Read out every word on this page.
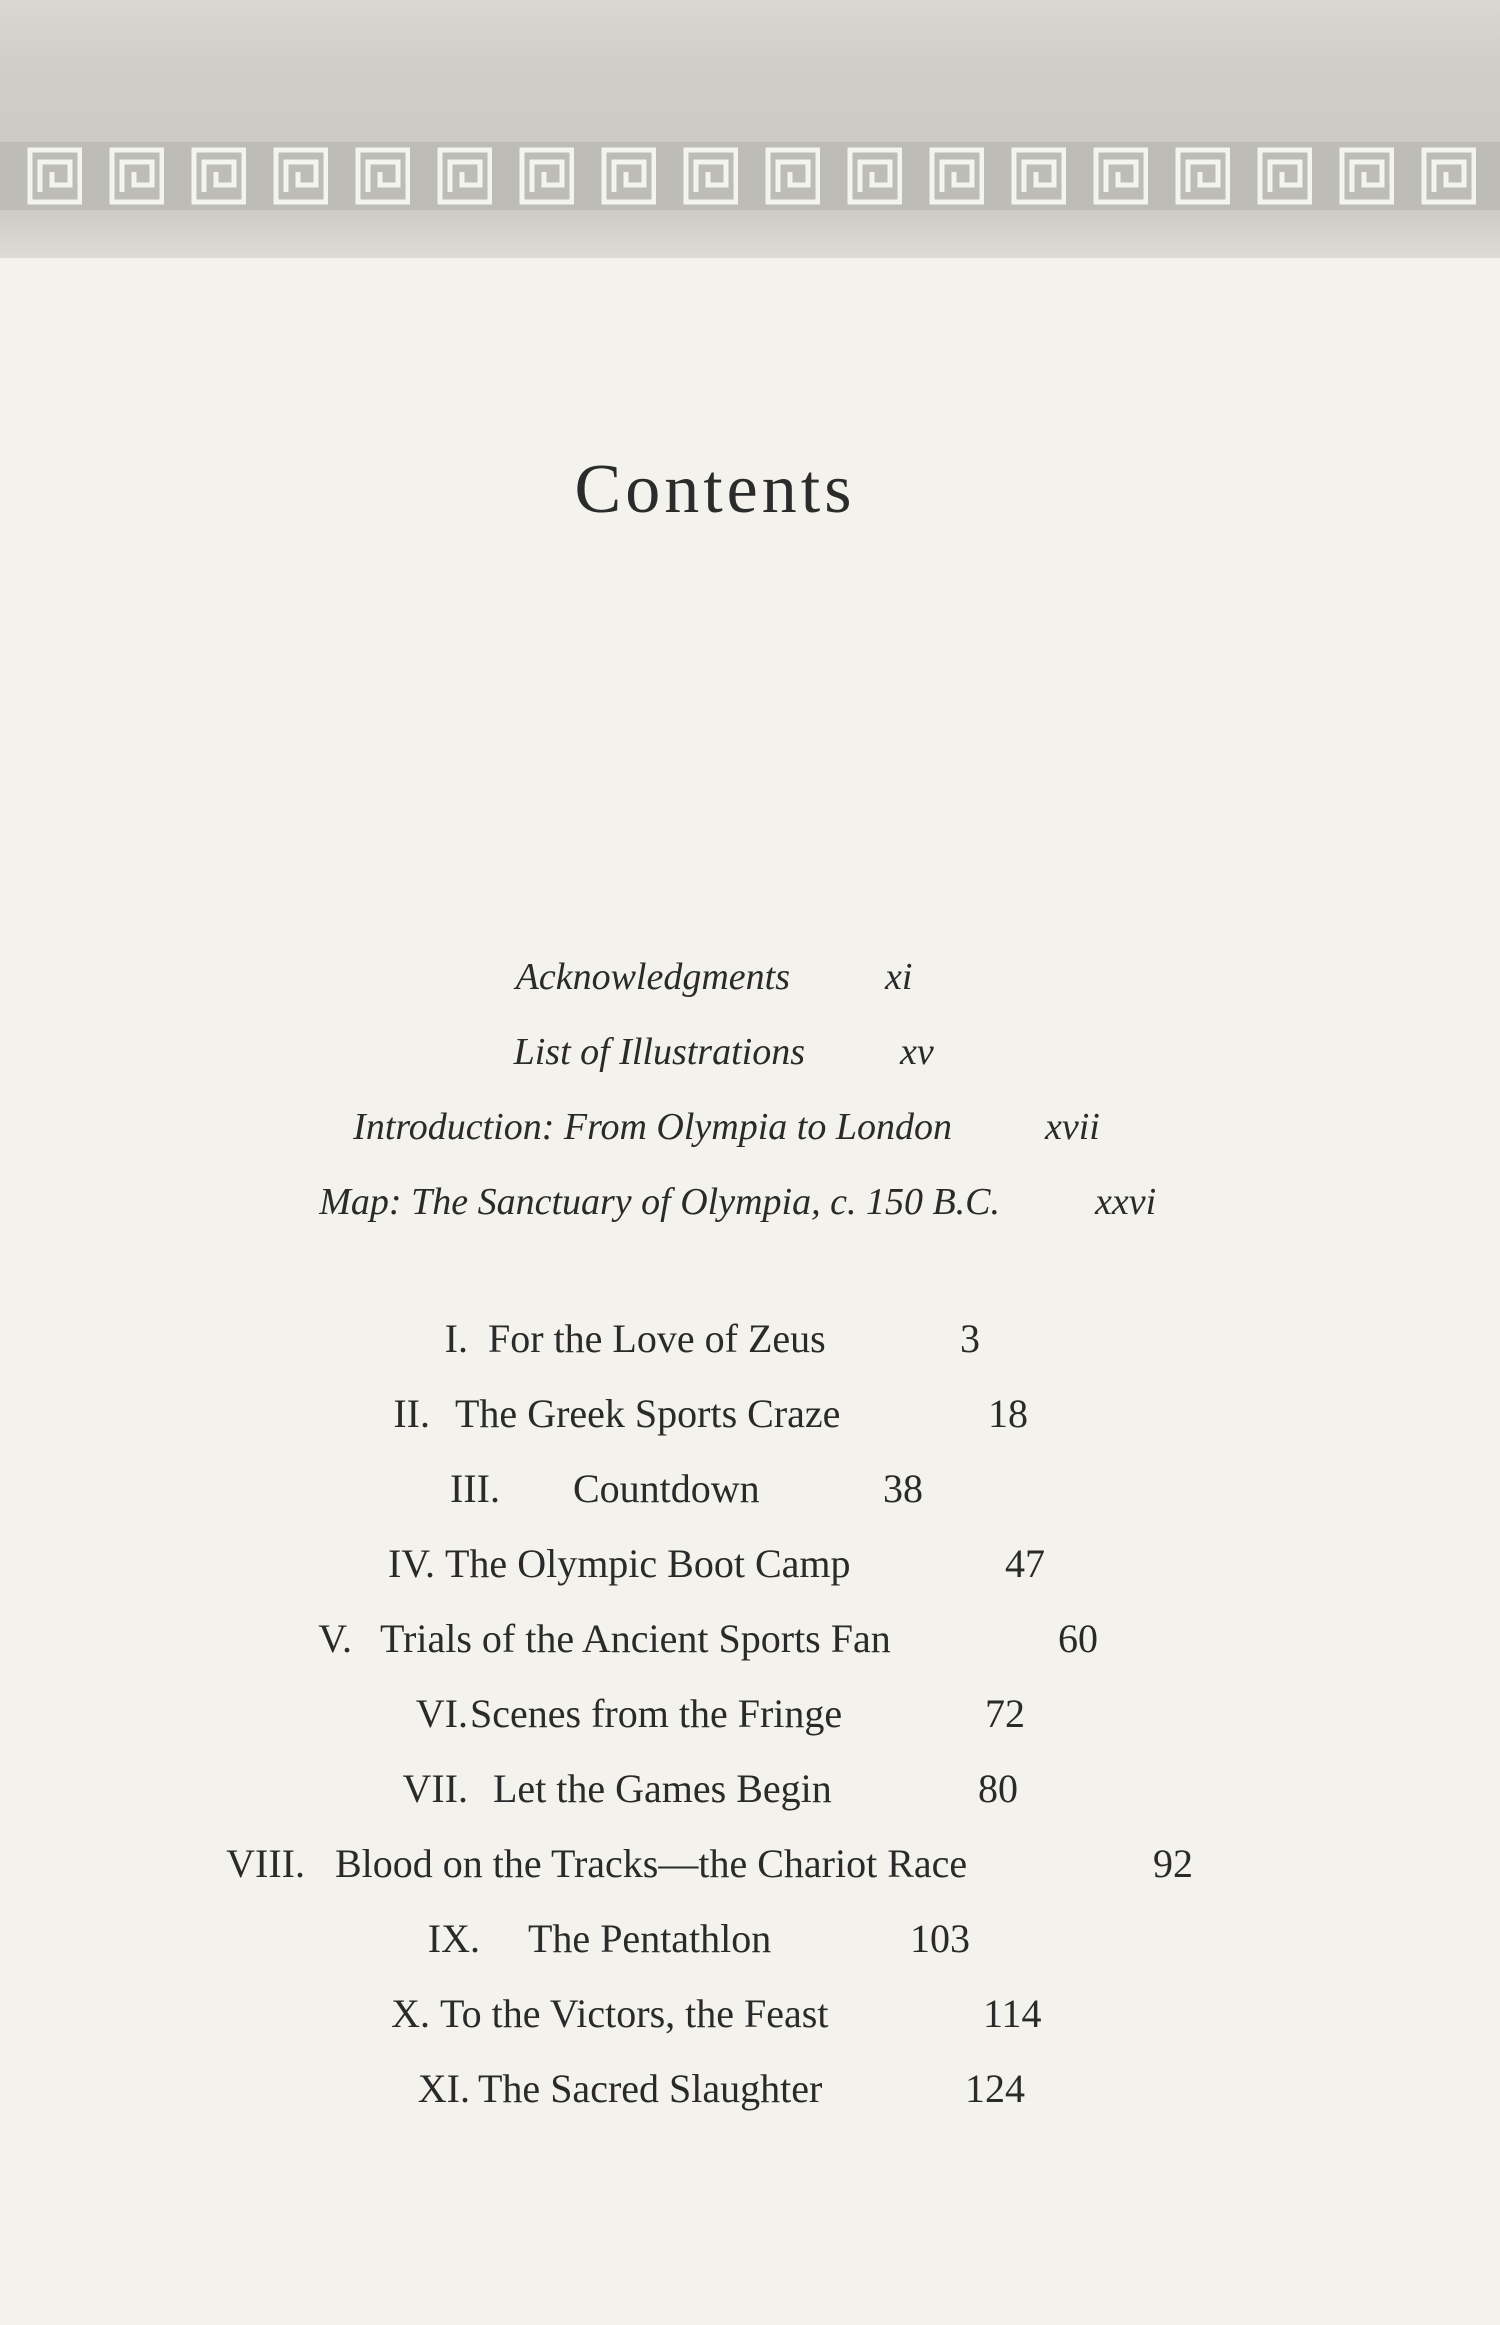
Contents
Acknowledgments	xi
List of Illustrations	xv
Introduction: From Olympia to London xvii
Map: The Sanctuary of Olympia, c. 150 B.C.	xxvi
I. For the Love of Zeus	3
II. The Greek Sports Craze	18
III. Countdown	38
IV. The Olympic Boot Camp	47
V. Trials of the Ancient Sports Fan	60
VI. Scenes from the Fringe	72
VII. Let the Games Begin	80
VIII. Blood on the Tracks—the Chariot Race	92
IX. The Pentathlon	103
X. To the Victors, the Feast	114
XI. The Sacred Slaughter	124
